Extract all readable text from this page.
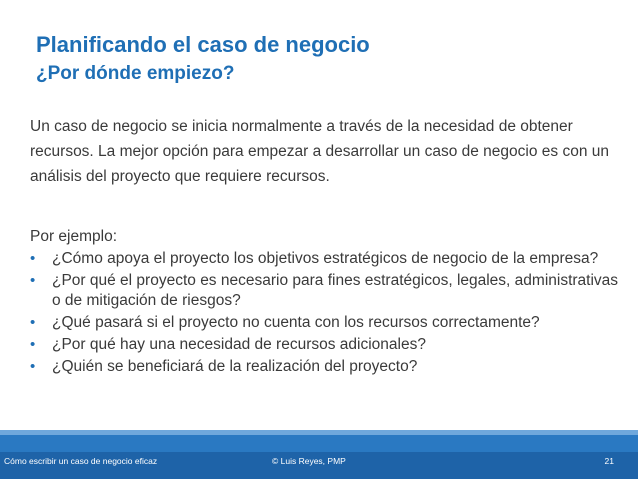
Planificando el caso de negocio
¿Por dónde empiezo?

Un caso de negocio se inicia normalmente a través de la necesidad de obtener recursos. La mejor opción para empezar a desarrollar un caso de negocio es con un análisis del proyecto que requiere recursos.

Por ejemplo:
• ¿Cómo apoya el proyecto los objetivos estratégicos de negocio de la empresa?
• ¿Por qué el proyecto es necesario para fines estratégicos, legales, administrativas o de mitigación de riesgos?
• ¿Qué pasará si el proyecto no cuenta con los recursos correctamente?
• ¿Por qué hay una necesidad de recursos adicionales?
• ¿Quién se beneficiará de la realización del proyecto?
Cómo escribir un caso de negocio eficaz	© Luis Reyes, PMP	21
